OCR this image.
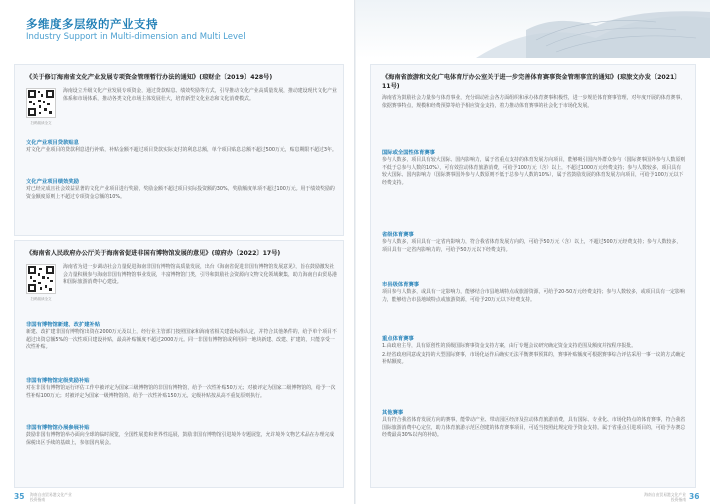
多维度多层级的产业支持
Industry Support in Multi-dimension and Multi Level
《关于修订海南省文化产业发展专项资金管理暂行办法的通知》(琼财企〔2019〕428号)
扫码阅读全文
海南设立升级文化产业发展专项资金，通过贷款贴息、绩效奖励等方式，引导推动文化产业高质量发展，推动建设现代文化产业体系和市场体系，推动各类文化市场主体发展壮大，培育新型文化业态和文化消费模式。
文化产业项目贷款贴息
对文化产业项目的贷款利息进行补贴，补贴金额不超过项目贷款实际支付的利息总额，单个项目贴息总额不超过500万元，贴息期限不超过3年。
文化产业项目绩效奖励
对已经完成且社会效益显著的文化产业项目进行奖励，奖励金额不超过项目实际投资额的30%，奖励额度单项不超过100万元。用于绩效奖励的资金额度原则上不超过专项资金总额的10%。
《海南省人民政府办公厅关于海南省促进非国有博物馆发展的意见》(琼府办〔2022〕17号)
扫码阅读全文
海南省为进一步调动社会力量促进海南非国有博物馆高质量发展，出台《海南省促进非国有博物馆发展意见》，旨在鼓励激发社会力量积极参与海南非国有博物馆事业发展，丰富博物馆门类，引导和鼓励社会资源向文物文化领域聚集，助力海南自由贸易港和国际旅游消费中心建设。
非国有博物馆新建、改扩建补贴
新建、改扩建非国有博物馆出资在2000万元及以上，经行业主管部门按照国家和海南省相关建设标准认定，并符合其他条件的，给予单个项目不超过出资总额5%的一次性项目建设补贴，最高补贴额度不超过2000万元。同一非国有博物馆或利用同一地块新建、改建、扩建的，只能享受一次性补贴。
非国有博物馆定级奖励补贴
对在非国有博物馆运行评估工作中被评定为国家三级博物馆的非国有博物馆，给予一次性补贴50万元；对被评定为国家二级博物馆的，给予一次性补贴100万元；对被评定为国家一级博物馆的，给予一次性补贴150万元。定级补贴按从高不重复原则执行。
非国有博物馆办展参展补贴
鼓励非国有博物馆举办面向全球的临时展览，全国性展览和世界性巡展，鼓励非国有博物馆引进境外专题展览，允许境外文物艺术品在办理完成保税出区手续的基础上，参加国内展会。
35 海南自由贸易港文化产业
投资指南
《海南省旅游和文化广电体育厅办公室关于进一步完善体育赛事资金管理事宜的通知》(琼旅文办发〔2021〕11号)
海南省为鼓励社会力量参与体育事业，充分调动社会各方面组织和承办体育赛事积极性，进一步规范体育赛事管理，对年度开展的体育赛事，依据赛事特点，规模和经费预算等给予相应资金支持，着力推动体育赛事的社会化于市场化发展。
国际或全国性体育赛事
参与人数多，项目具有较大国际、国内影响力，属于省重点支持的体育发展方向项目，能够吸引国内外群众参与（国际赛事国外参与人数原则不低于总参与人数的10%），可有效拉动体育旅游消费，可给予100万元（含）以上，不超过1000万元经费支持；参与人数较多，项目具有较大国际、国内影响力（国际赛事国外参与人数原则不低于总参与人数的10%），属于省鼓励发展的体育发展方向项目，可给予100万元以下经费支持。
省级体育赛事
参与人数多，项目具有一定省内影响力，符合我省体育发展方向的，可给予50万元（含）以上，不超过500万元经费支持；参与人数较多，项目具有一定省内影响力的，可给予50万元以下经费支持。
市县级体育赛事
项目参与人数多，或具有一定影响力，能够结合市县地域特点或旅游资源，可给予20-50万元经费支持；参与人数较多，或项目具有一定影响力，能够结合市县地域特点或旅游资源，可给予20万元以下经费支持。
重点体育赛事
1.由政府主导，具有原创性的顶级国际赛事资金支持方案，由厅专题会议研究确定资金支持范围及额度并按程序报批。
2.经省政府同意或支持的大型国际赛事，市场化运作后确实无法平衡赛事预算的，赛事补贴额度可根据赛事综合评估采用一事一议的方式确定补贴额度。
其他赛事
具有符合我省体育发展方向的赛事，能带动产业、带动园区经济及拉动体育旅游消费，具有国际、专业化、市场化特点的体育赛事，符合我省国际旅游消费中心定位，助力体育旅游示范区创建的体育赛事项目，可适当按照此规定给予资金支持。属于省重点引进项目的，可给予办赛总经费最高30%以内的补助。
海南自由贸易港文化产业
投资指南 36
